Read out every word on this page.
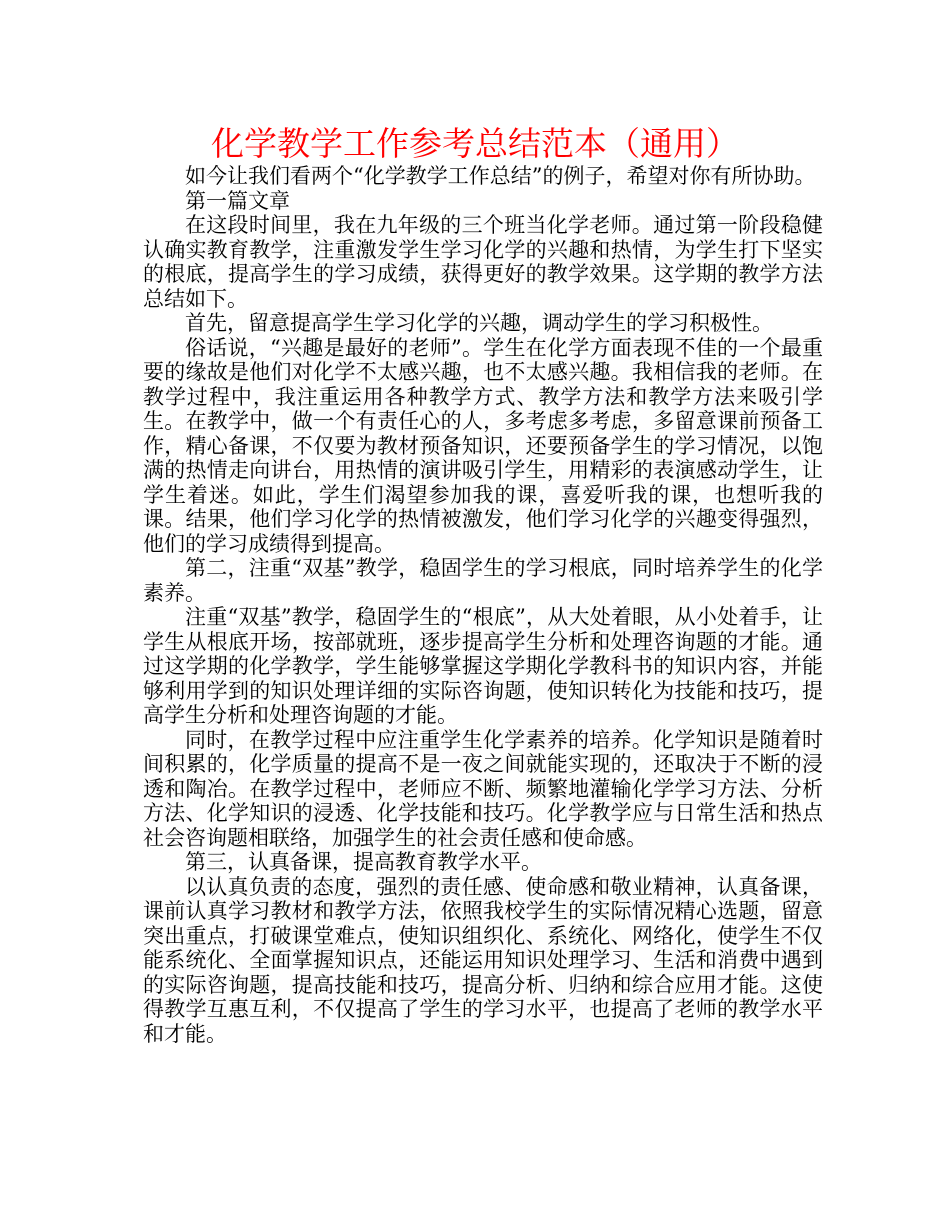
化学教学工作参考总结范本（通用）

如今让我们看两个“化学教学工作总结”的例子，希望对你有所协助。

第一篇文章

在这段时间里，我在九年级的三个班当化学老师。通过第一阶段稳健认确实教育教学，注重激发学生学习化学的兴趣和热情，为学生打下坚实的根底，提高学生的学习成绩，获得更好的教学效果。这学期的教学方法总结如下。

首先，留意提高学生学习化学的兴趣，调动学生的学习积极性。

俗话说，“兴趣是最好的老师”。学生在化学方面表现不佳的一个最重要的缘故是他们对化学不太感兴趣，也不太感兴趣。我相信我的老师。在教学过程中，我注重运用各种教学方式、教学方法和教学方法来吸引学生。在教学中，做一个有责任心的人，多考虑多考虑，多留意课前预备工作，精心备课，不仅要为教材预备知识，还要预备学生的学习情况，以饱满的热情走向讲台，用热情的演讲吸引学生，用精彩的表演感动学生，让学生着迷。如此，学生们渴望参加我的课，喜爱听我的课，也想听我的课。结果，他们学习化学的热情被激发，他们学习化学的兴趣变得强烈，他们的学习成绩得到提高。

第二，注重“双基”教学，稳固学生的学习根底，同时培养学生的化学素养。

注重“双基”教学，稳固学生的“根底”，从大处着眼，从小处着手，让学生从根底开场，按部就班，逐步提高学生分析和处理咨询题的才能。通过这学期的化学教学，学生能够掌握这学期化学教科书的知识内容，并能够利用学到的知识处理详细的实际咨询题，使知识转化为技能和技巧，提高学生分析和处理咨询题的才能。

同时，在教学过程中应注重学生化学素养的培养。化学知识是随着时间积累的，化学质量的提高不是一夜之间就能实现的，还取决于不断的浸透和陶冶。在教学过程中，老师应不断、频繁地灌输化学学习方法、分析方法、化学知识的浸透、化学技能和技巧。化学教学应与日常生活和热点社会咨询题相联络，加强学生的社会责任感和使命感。

第三，认真备课，提高教育教学水平。

以认真负责的态度，强烈的责任感、使命感和敬业精神，认真备课，课前认真学习教材和教学方法，依照我校学生的实际情况精心选题，留意突出重点，打破课堂难点，使知识组织化、系统化、网络化，使学生不仅能系统化、全面掌握知识点，还能运用知识处理学习、生活和消费中遇到的实际咨询题，提高技能和技巧，提高分析、归纳和综合应用才能。这使得教学互惠互利，不仅提高了学生的学习水平，也提高了老师的教学水平和才能。
